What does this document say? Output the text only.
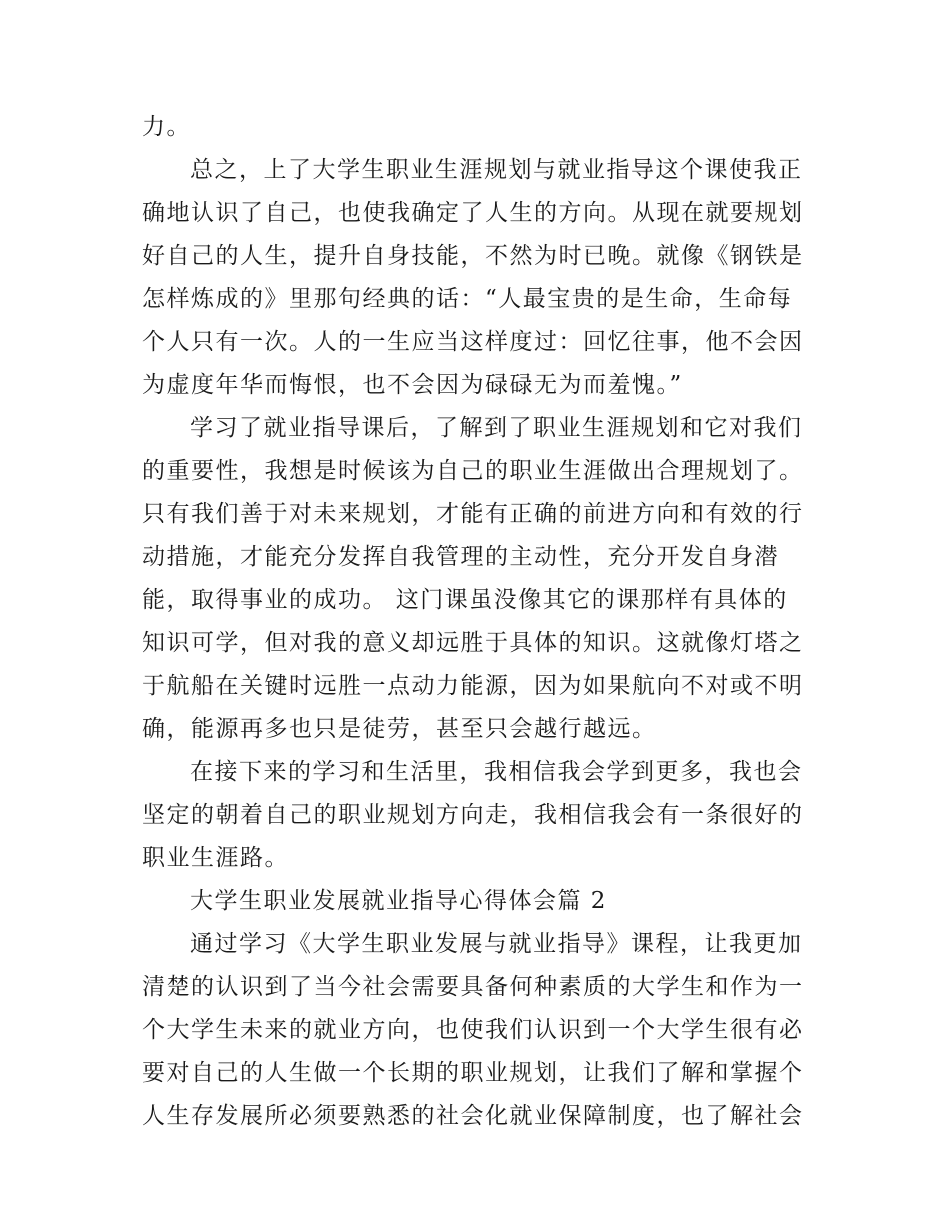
力。
总之，上了大学生职业生涯规划与就业指导这个课使我正
确地认识了自己，也使我确定了人生的方向。从现在就要规划
好自己的人生，提升自身技能，不然为时已晚。就像《钢铁是
怎样炼成的》里那句经典的话：“人最宝贵的是生命，生命每
个人只有一次。人的一生应当这样度过：回忆往事，他不会因
为虚度年华而悔恨，也不会因为碌碌无为而羞愧。”
学习了就业指导课后，了解到了职业生涯规划和它对我们
的重要性，我想是时候该为自己的职业生涯做出合理规划了。
只有我们善于对未来规划，才能有正确的前进方向和有效的行
动措施，才能充分发挥自我管理的主动性，充分开发自身潜
能，取得事业的成功。 这门课虽没像其它的课那样有具体的
知识可学，但对我的意义却远胜于具体的知识。这就像灯塔之
于航船在关键时远胜一点动力能源，因为如果航向不对或不明
确，能源再多也只是徒劳，甚至只会越行越远。
在接下来的学习和生活里，我相信我会学到更多，我也会
坚定的朝着自己的职业规划方向走，我相信我会有一条很好的
职业生涯路。
大学生职业发展就业指导心得体会篇 2
通过学习《大学生职业发展与就业指导》课程，让我更加
清楚的认识到了当今社会需要具备何种素质的大学生和作为一
个大学生未来的就业方向，也使我们认识到一个大学生很有必
要对自己的人生做一个长期的职业规划，让我们了解和掌握个
人生存发展所必须要熟悉的社会化就业保障制度，也了解社会
